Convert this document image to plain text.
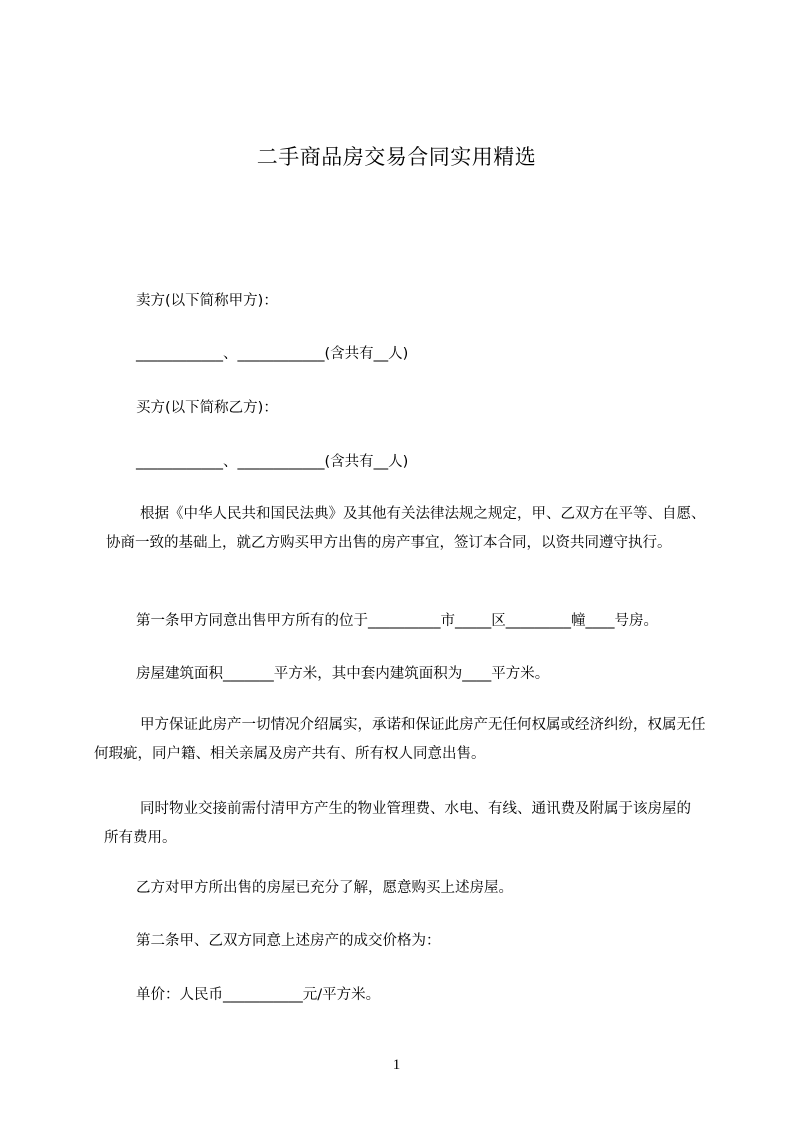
二手商品房交易合同实用精选
卖方(以下简称甲方)：
____________、____________(含共有__人)
买方(以下简称乙方)：
____________、____________(含共有__人)
根据《中华人民共和国民法典》及其他有关法律法规之规定，甲、乙双方在平等、自愿、协商一致的基础上，就乙方购买甲方出售的房产事宜，签订本合同，以资共同遵守执行。
第一条甲方同意出售甲方所有的位于__________市_____区_________幢____号房。
房屋建筑面积_______平方米，其中套内建筑面积为____平方米。
甲方保证此房产一切情况介绍属实，承诺和保证此房产无任何权属或经济纠纷，权属无任何瑕疵，同户籍、相关亲属及房产共有、所有权人同意出售。
同时物业交接前需付清甲方产生的物业管理费、水电、有线、通讯费及附属于该房屋的所有费用。
乙方对甲方所出售的房屋已充分了解，愿意购买上述房屋。
第二条甲、乙双方同意上述房产的成交价格为：
单价：人民币___________元/平方米。
1
